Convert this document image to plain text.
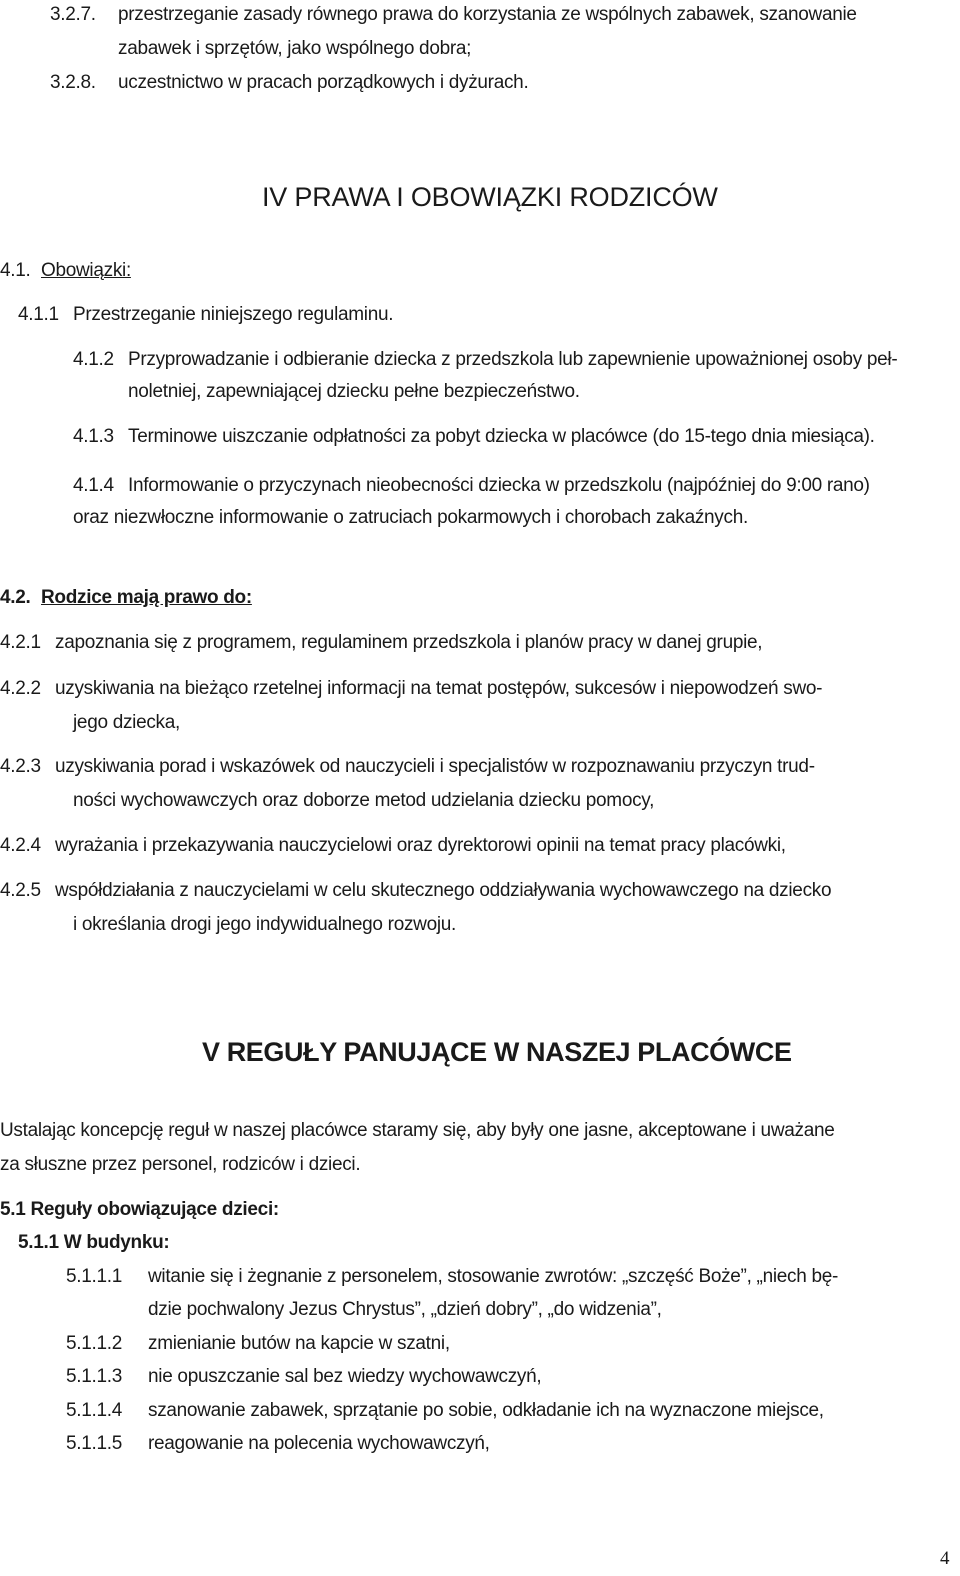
3.2.7. przestrzeganie zasady równego prawa do korzystania ze wspólnych zabawek, szanowanie
zabawek i sprzętów, jako wspólnego dobra;
3.2.8. uczestnictwo w pracach porządkowych i dyżurach.
IV PRAWA I OBOWIĄZKI RODZICÓW
4.1. Obowiązki:
4.1.1 Przestrzeganie niniejszego regulaminu.
4.1.2 Przyprowadzanie i odbieranie dziecka z przedszkola lub zapewnienie upoważnionej osoby peł-
noletniej, zapewniającej dziecku pełne bezpieczeństwo.
4.1.3 Terminowe uiszczanie odpłatności za pobyt dziecka w placówce (do 15-tego dnia miesiąca).
4.1.4 Informowanie o przyczynach nieobecności dziecka w przedszkolu (najpóźniej do 9:00 rano)
oraz niezwłoczne informowanie o zatruciach pokarmowych i chorobach zakaźnych.
4.2. Rodzice mają prawo do:
4.2.1 zapoznania się z programem, regulaminem przedszkola i planów pracy w danej grupie,
4.2.2 uzyskiwania na bieżąco rzetelnej informacji na temat postępów, sukcesów i niepowodzeń swo-
jego dziecka,
4.2.3 uzyskiwania porad i wskazówek od nauczycieli i specjalistów w rozpoznawaniu przyczyn trud-
ności wychowawczych oraz doborze metod udzielania dziecku pomocy,
4.2.4 wyrażania i przekazywania nauczycielowi oraz dyrektorowi opinii na temat pracy placówki,
4.2.5 współdziałania z nauczycielami w celu skutecznego oddziaływania wychowawczego na dziecko
i określania drogi jego indywidualnego rozwoju.
V REGUŁY PANUJĄCE W NASZEJ PLACÓWCE
Ustalając koncepcję reguł w naszej placówce staramy się, aby były one jasne, akceptowane i uważane
za słuszne przez personel, rodziców i dzieci.
5.1 Reguły obowiązujące dzieci:
5.1.1 W budynku:
5.1.1.1 witanie się i żegnanie z personelem, stosowanie zwrotów: „szczęść Boże”, „niech bę-
dzie pochwalony Jezus Chrystus”, „dzień dobry”, „do widzenia”,
5.1.1.2 zmienianie butów na kapcie w szatni,
5.1.1.3 nie opuszczanie sal bez wiedzy wychowawczyń,
5.1.1.4 szanowanie zabawek, sprzątanie po sobie, odkładanie ich na wyznaczone miejsce,
5.1.1.5 reagowanie na polecenia wychowawczyń,
4
